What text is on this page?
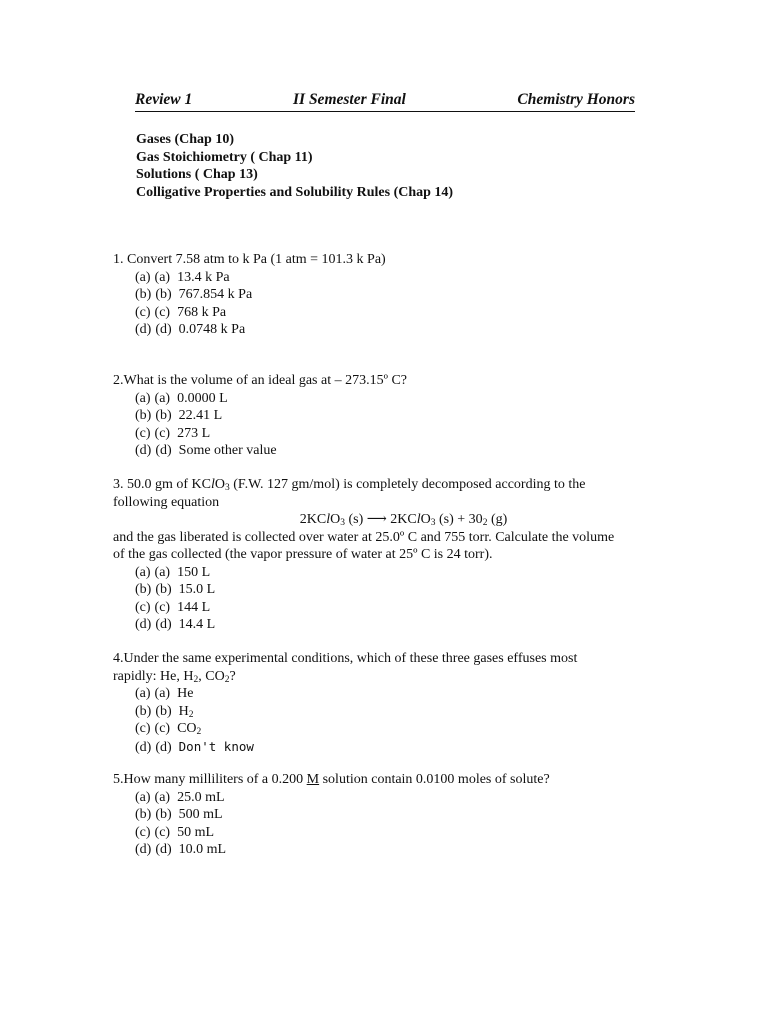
Review 1	II Semester Final	Chemistry Honors
Gases (Chap 10)
Gas Stoichiometry ( Chap 11)
Solutions ( Chap 13)
Colligative Properties and Solubility Rules (Chap 14)
1. Convert 7.58 atm to k Pa (1 atm = 101.3 k Pa)
(a) (a) 13.4 k Pa
(b) (b) 767.854 k Pa
(c) (c) 768 k Pa
(d) (d) 0.0748 k Pa
2.What is the volume of an ideal gas at – 273.15º C?
(a) (a) 0.0000 L
(b) (b) 22.41 L
(c) (c) 273 L
(d) (d) Some other value
3. 50.0 gm of KClO$_3$ (F.W. 127 gm/mol) is completely decomposed according to the
following equation
2KClO$_3$ (s) ⟶ 2KClO$_3$ $(s) + 30_2$ (g)
and the gas liberated is collected over water at 25.0º C and 755 torr. Calculate the volume
of the gas collected (the vapor pressure of water at 25º C is 24 torr).
(a) (a) 150 L
(b) (b) 15.0 L
(c) (c) 144 L
(d) (d) 14.4 L
4.Under the same experimental conditions, which of these three gases effuses most
rapidly: He, $H_2$, $CO_2$?
(a) (a) He
(b) (b) $H_2$
(c) (c) $CO_2$
(d) (d) Don't know
5.How many milliliters of a 0.200 M solution contain 0.0100 moles of solute?
(a) (a) 25.0 mL
(b) (b) 500 mL
(c) (c) 50 mL
(d) (d) 10.0 mL
